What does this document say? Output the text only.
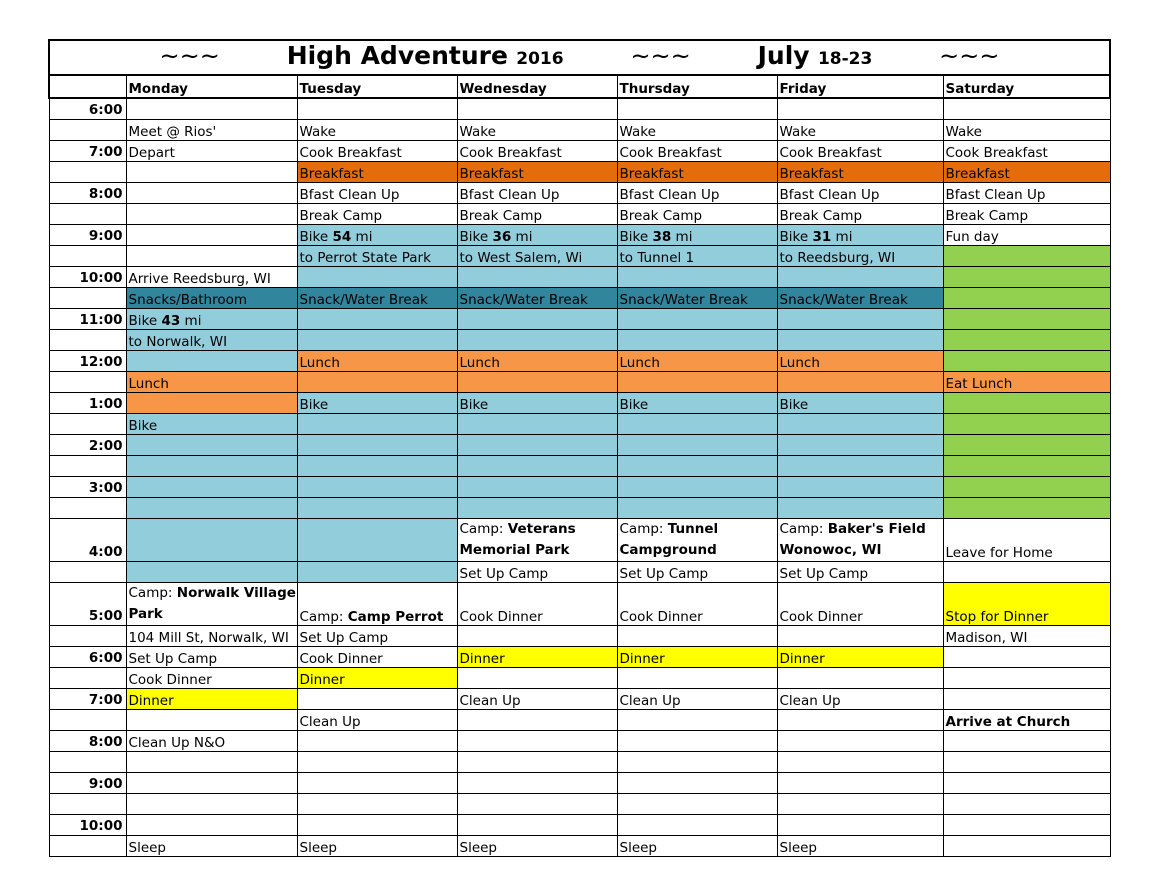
~~~ High Adventure 2016 ~~~ July 18-23 ~~~						
	Monday	Tuesday	Wednesday	Thursday	Friday	Saturday
6:00						
	Meet @ Rios'	Wake	Wake	Wake	Wake	Wake
7:00	Depart	Cook Breakfast	Cook Breakfast	Cook Breakfast	Cook Breakfast	Cook Breakfast
		Breakfast	Breakfast	Breakfast	Breakfast	Breakfast
8:00		Bfast Clean Up	Bfast Clean Up	Bfast Clean Up	Bfast Clean Up	Bfast Clean Up
		Break Camp	Break Camp	Break Camp	Break Camp	Break Camp
9:00		Bike 54 mi	Bike 36 mi	Bike 38 mi	Bike 31 mi	Fun day
		to Perrot State Park	to West Salem, Wi	to Tunnel 1	to Reedsburg, WI	
10:00	Arrive Reedsburg, WI					
	Snacks/Bathroom	Snack/Water Break	Snack/Water Break	Snack/Water Break	Snack/Water Break	
11:00	Bike 43 mi					
	to Norwalk, WI					
12:00		Lunch	Lunch	Lunch	Lunch	
	Lunch					Eat Lunch
1:00		Bike	Bike	Bike	Bike	
	Bike					
2:00						

3:00						

4:00			Camp: Veterans Memorial Park	Camp: Tunnel Campground	Camp: Baker's Field Wonowoc, WI	Leave for Home
			Set Up Camp	Set Up Camp	Set Up Camp	
5:00	Camp: Norwalk Village Park	Camp: Camp Perrot	Cook Dinner	Cook Dinner	Cook Dinner	Stop for Dinner
	104 Mill St, Norwalk, WI	Set Up Camp				Madison, WI
6:00	Set Up Camp	Cook Dinner	Dinner	Dinner	Dinner	
	Cook Dinner	Dinner				
7:00	Dinner		Clean Up	Clean Up	Clean Up	
		Clean Up				Arrive at Church
8:00	Clean Up N&O					

9:00						

10:00						
	Sleep	Sleep	Sleep	Sleep	Sleep	
